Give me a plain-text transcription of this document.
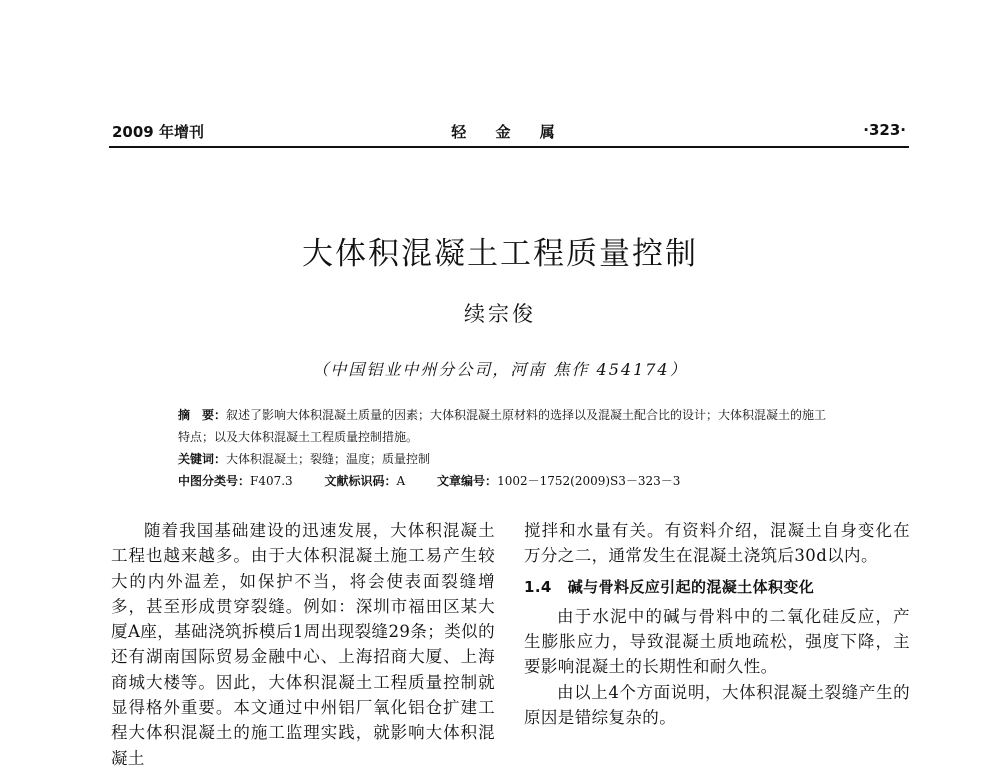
2009 年增刊	轻 金 属	·323·
大体积混凝土工程质量控制
续宗俊
（中国铝业中州分公司，河南 焦作 454174）
摘　要：叙述了影响大体积混凝土质量的因素；大体积混凝土原材料的选择以及混凝土配合比的设计；大体积混凝土的施工特点；以及大体积混凝土工程质量控制措施。
关键词：大体积混凝土；裂缝；温度；质量控制
中图分类号：F407.3	文献标识码：A	文章编号：1002－1752(2009)S3－323－3

随着我国基础建设的迅速发展，大体积混凝土工程也越来越多。由于大体积混凝土施工易产生较大的内外温差，如保护不当，将会使表面裂缝增多，甚至形成贯穿裂缝。例如：深圳市福田区某大厦A座，基础浇筑拆模后1周出现裂缝29条；类似的还有湖南国际贸易金融中心、上海招商大厦、上海商城大楼等。因此，大体积混凝土工程质量控制就显得格外重要。本文通过中州铝厂氧化铝仓扩建工程大体积混凝土的施工监理实践，就影响大体积混凝土

搅拌和水量有关。有资料介绍，混凝土自身变化在万分之二，通常发生在混凝土浇筑后30d以内。

1.4 碱与骨料反应引起的混凝土体积变化

由于水泥中的碱与骨料中的二氧化硅反应，产生膨胀应力，导致混凝土质地疏松，强度下降，主要影响混凝土的长期性和耐久性。

由以上4个方面说明，大体积混凝土裂缝产生的原因是错综复杂的。
